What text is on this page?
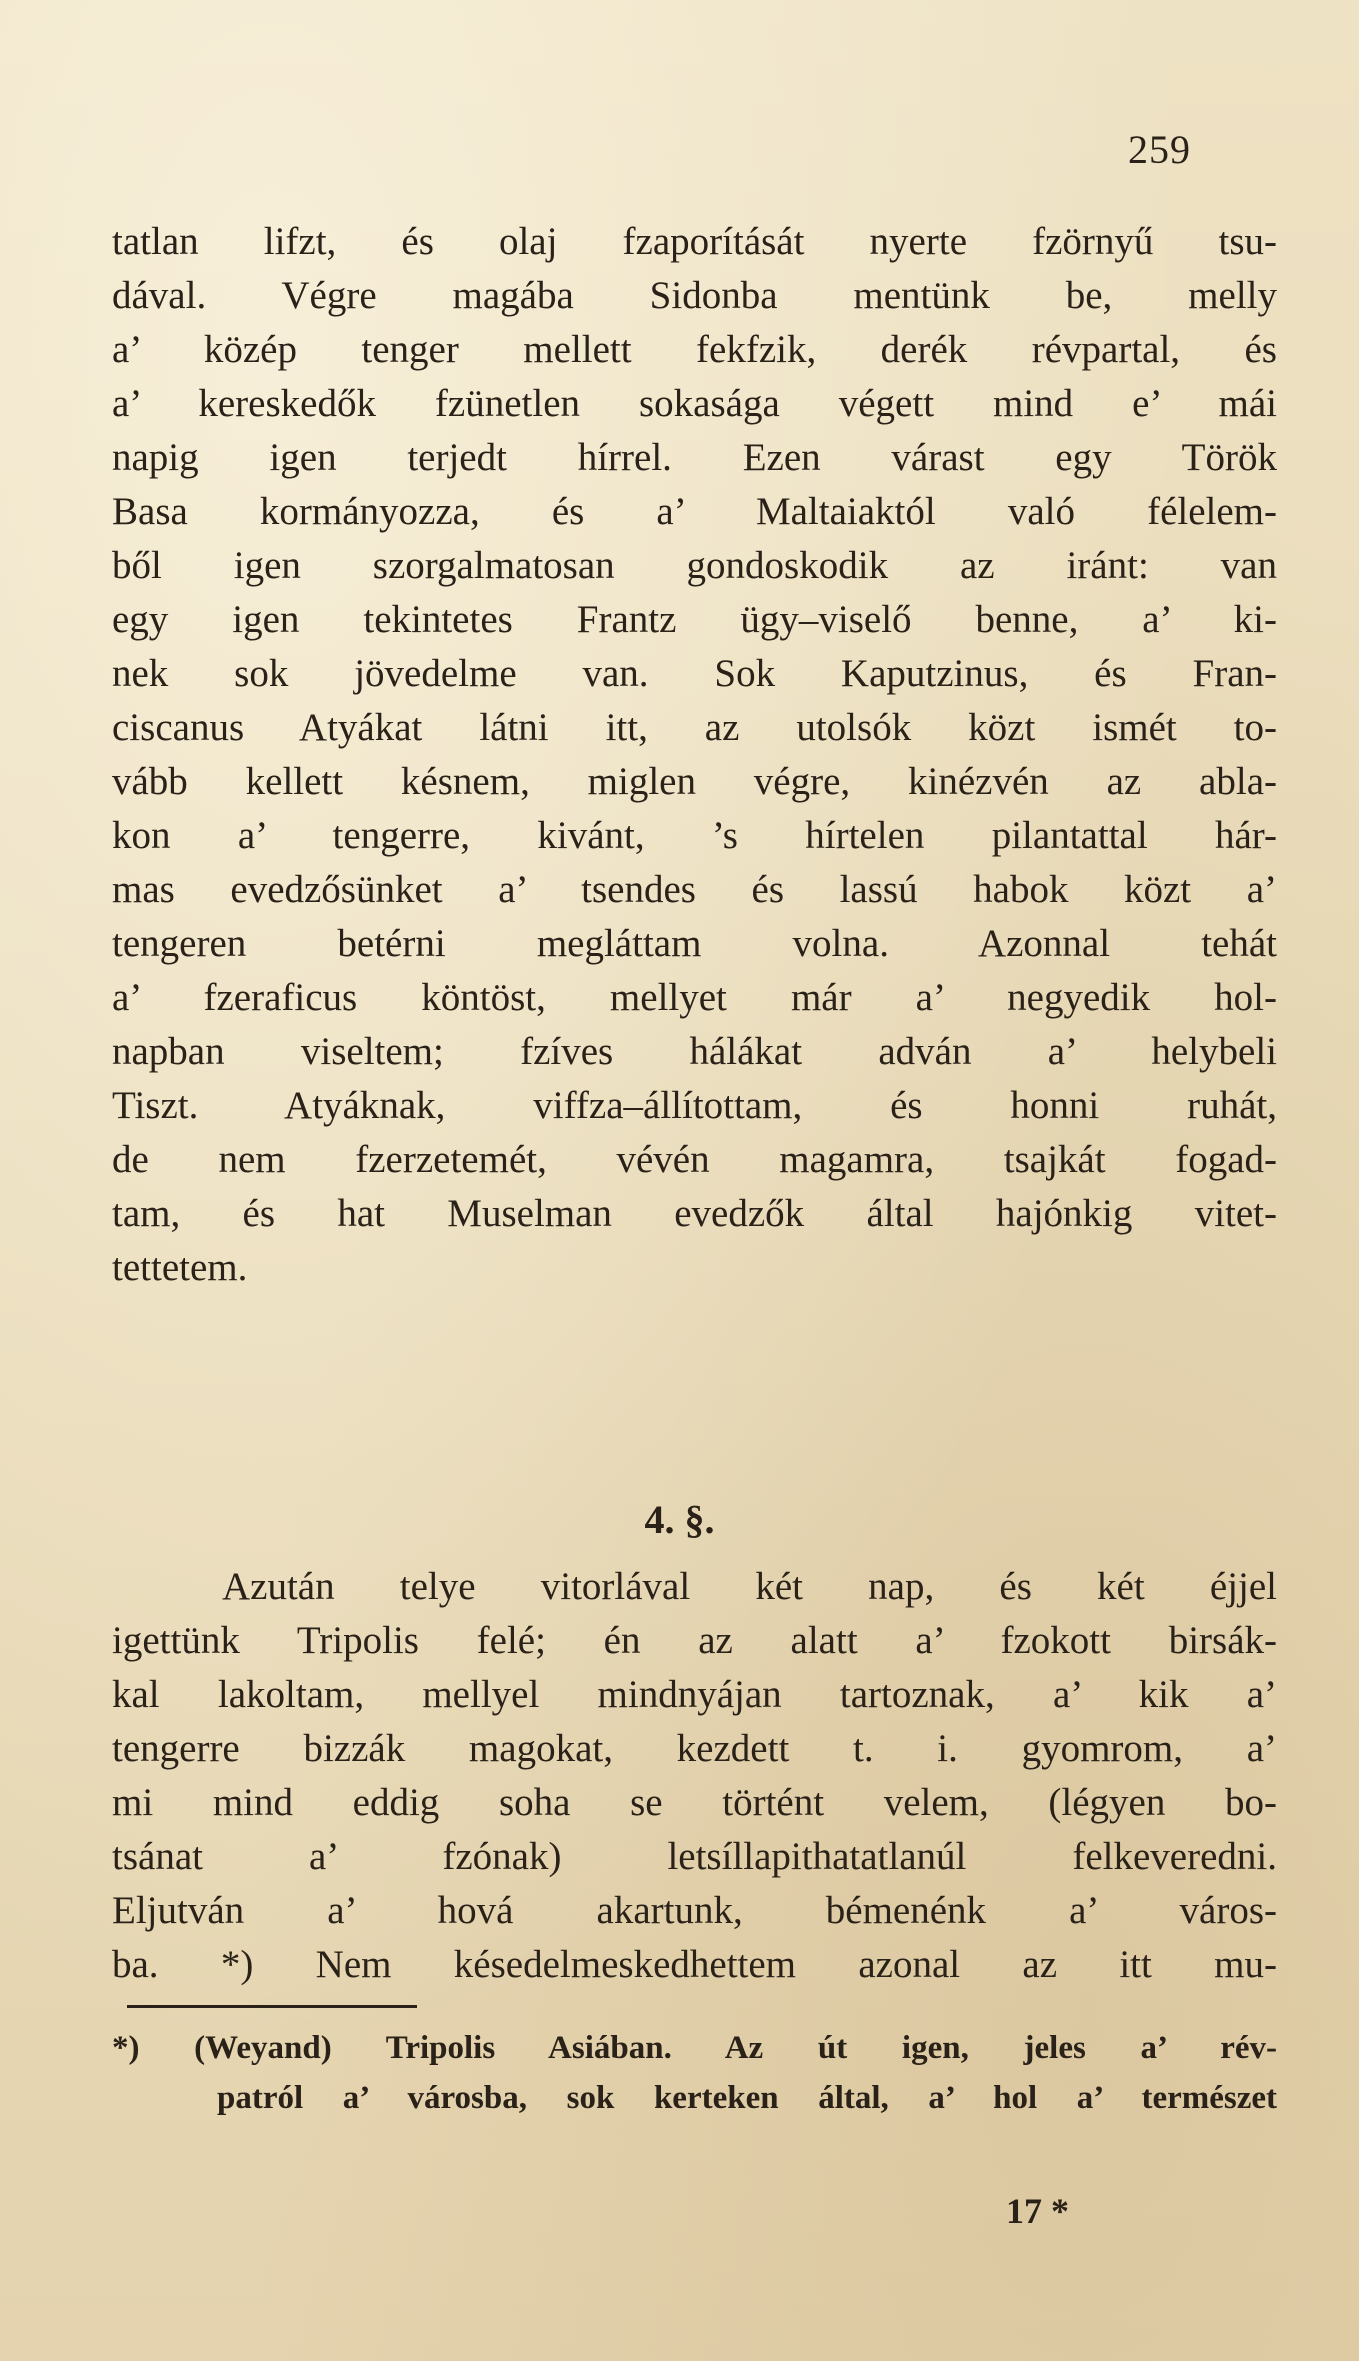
259
tatlan lifzt, és olaj fzaporítását nyerte fzörnyű tsu-
dával. Végre magába Sidonba mentünk be, melly
a’ közép tenger mellett fekfzik, derék révpartal, és
a’ kereskedők fzünetlen sokasága végett mind e’ mái
napig igen terjedt hírrel. Ezen várast egy Török
Basa kormányozza, és a’ Maltaiaktól való félelem-
ből igen szorgalmatosan gondoskodik az iránt: van
egy igen tekintetes Frantz ügy–viselő benne, a’ ki-
nek sok jövedelme van. Sok Kaputzinus, és Fran-
ciscanus Atyákat látni itt, az utolsók közt ismét to-
vább kellett késnem, miglen végre, kinézvén az abla-
kon a’ tengerre, kivánt, ’s hírtelen pilantattal hár-
mas evedzősünket a’ tsendes és lassú habok közt a’
tengeren betérni megláttam volna. Azonnal tehát
a’ fzeraficus köntöst, mellyet már a’ negyedik hol-
napban viseltem; fzíves hálákat adván a’ helybeli
Tiszt. Atyáknak, viffza–állítottam, és honni ruhát,
de nem fzerzetemét, vévén magamra, tsajkát fogad-
tam, és hat Muselman evedzők által hajónkig vitet-
tettetem.
4. §.
Azután telye vitorlával két nap, és két éjjel
igettünk Tripolis felé; én az alatt a’ fzokott birsák-
kal lakoltam, mellyel mindnyájan tartoznak, a’ kik a’
tengerre bizzák magokat, kezdett t. i. gyomrom, a’
mi mind eddig soha se történt velem, (légyen bo-
tsánat a’ fzónak) letsíllapithatatlanúl felkeveredni.
Eljutván a’ hová akartunk, bémenénk a’ város-
ba. *) Nem késedelmeskedhettem azonal az itt mu-
*) (Weyand) Tripolis Asiában. Az út igen, jeles a’ rév-
patról a’ városba, sok kerteken által, a’ hol a’ természet
17 *
